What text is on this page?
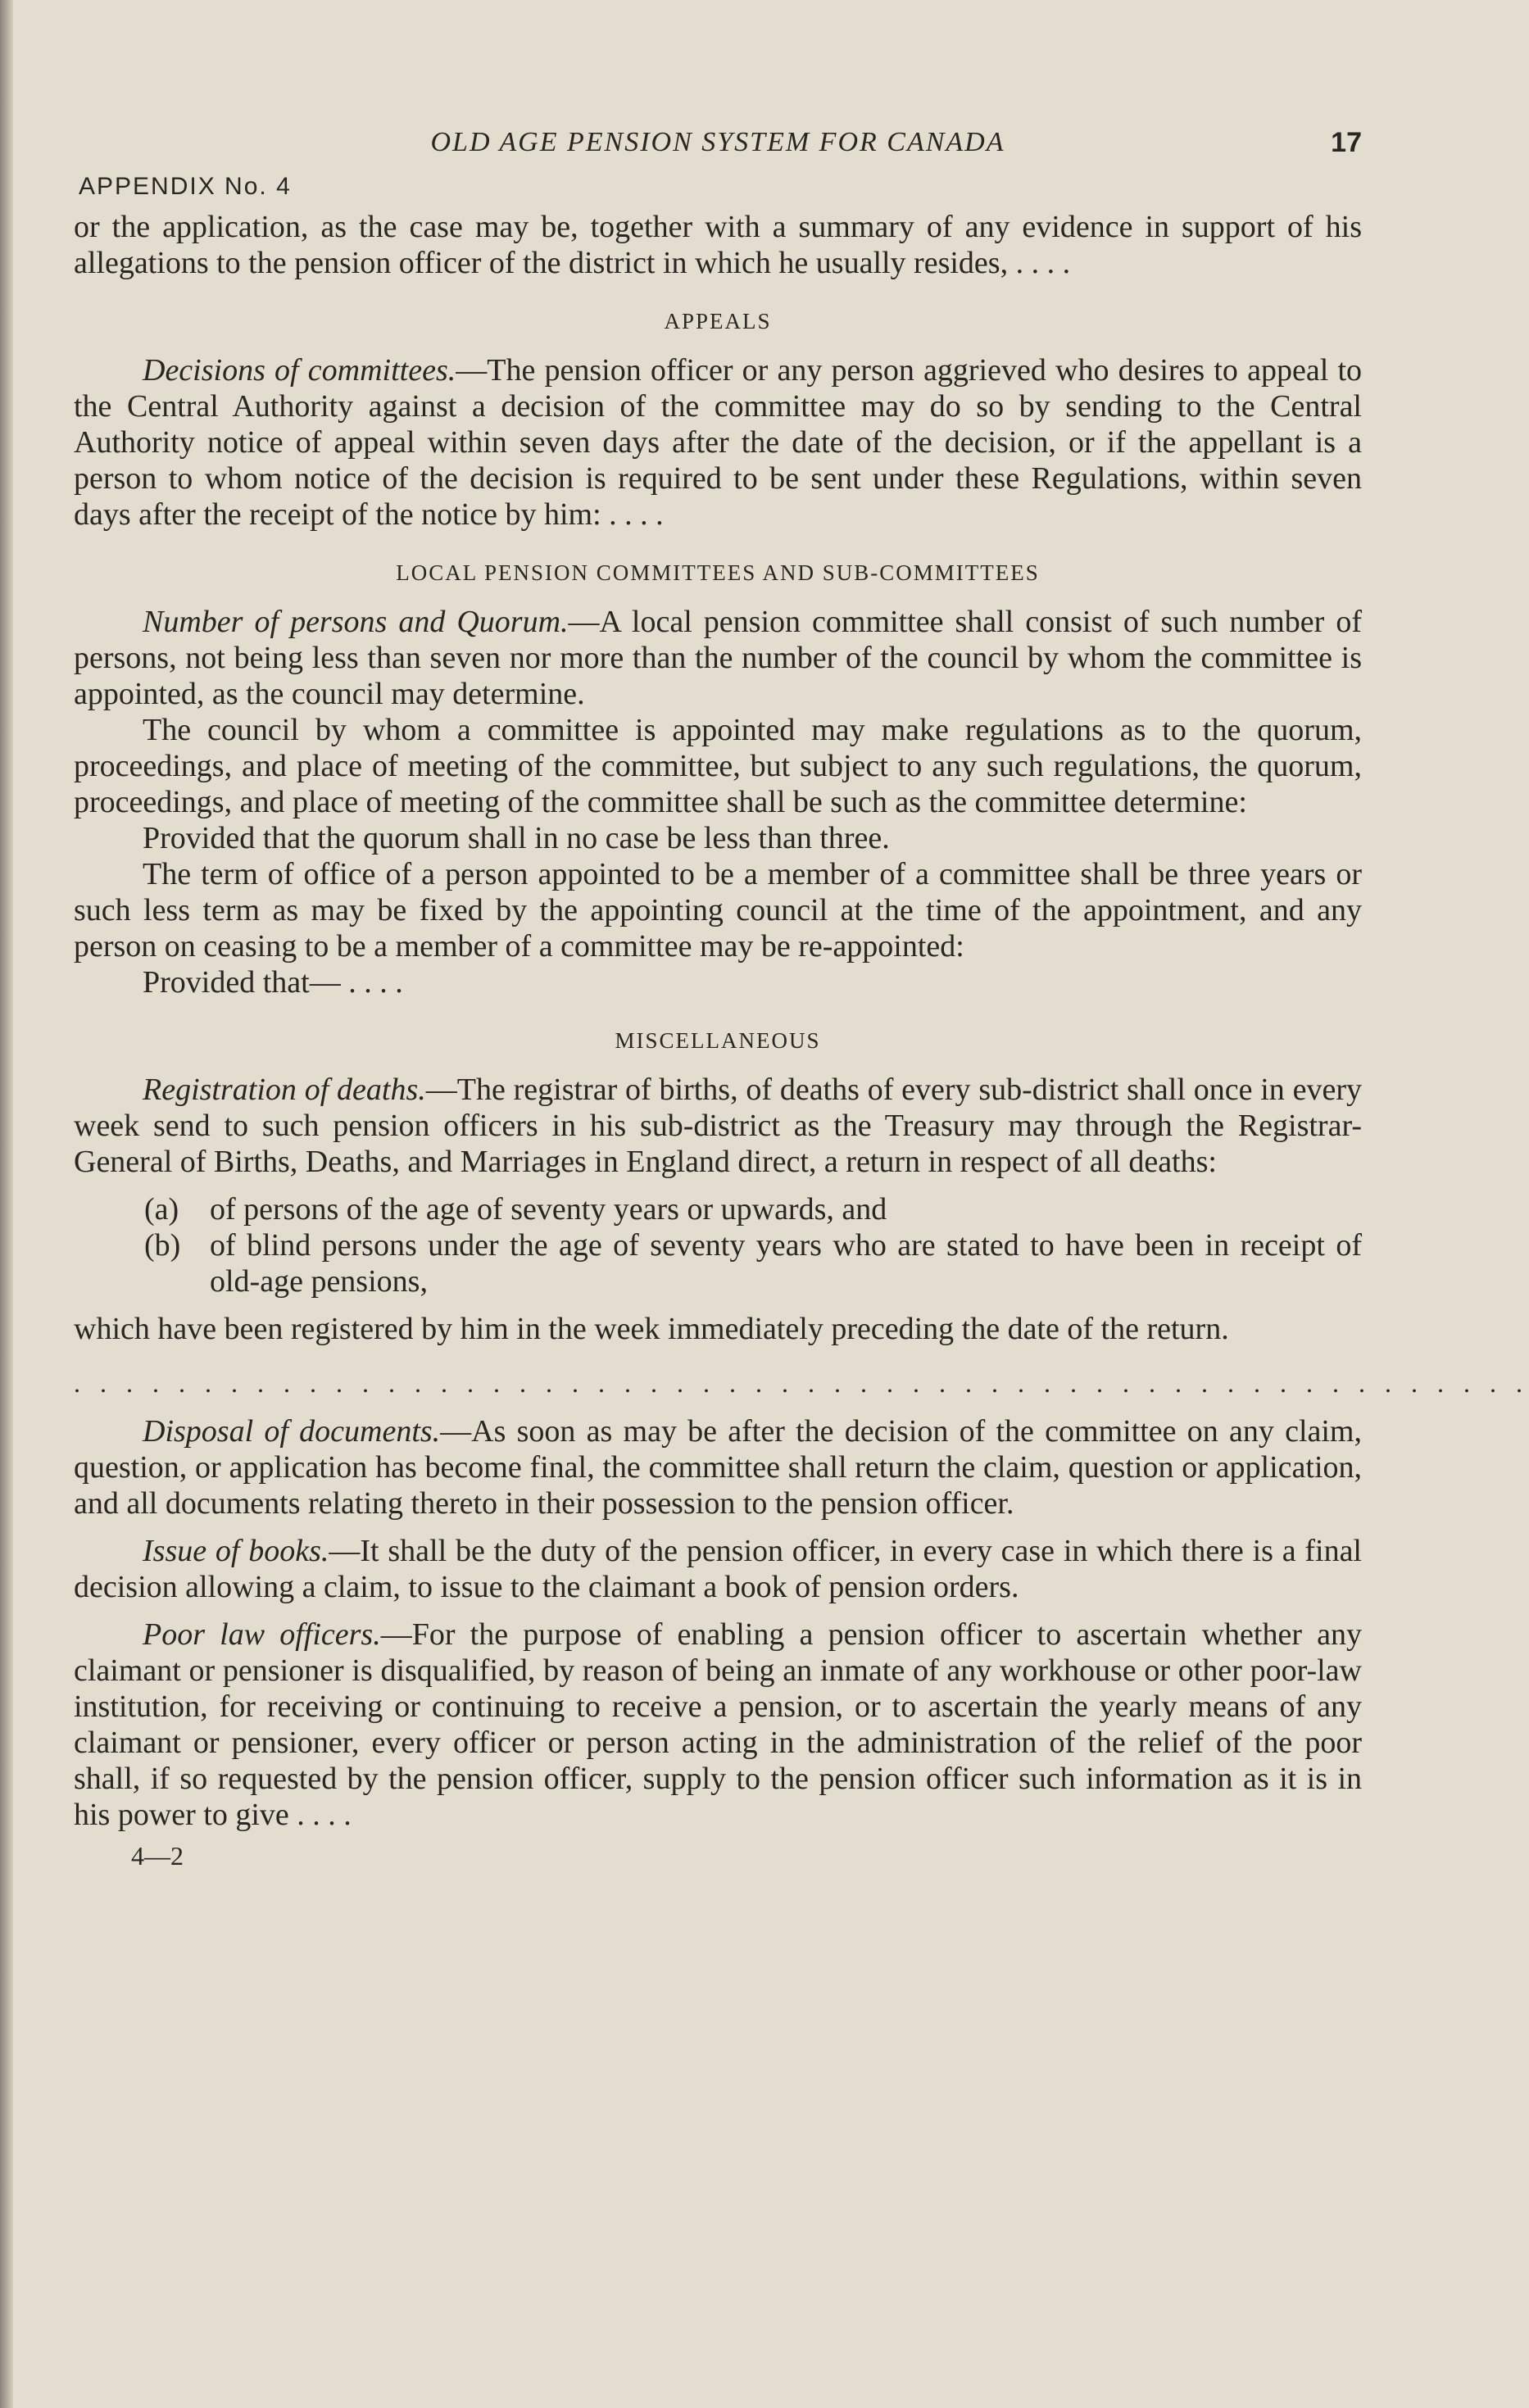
OLD AGE PENSION SYSTEM FOR CANADA	17
APPENDIX No. 4

or the application, as the case may be, together with a summary of any evidence in support of his allegations to the pension officer of the district in which he usually resides, . . . .

APPEALS

Decisions of committees.—The pension officer or any person aggrieved who desires to appeal to the Central Authority against a decision of the committee may do so by sending to the Central Authority notice of appeal within seven days after the date of the decision, or if the appellant is a person to whom notice of the decision is required to be sent under these Regulations, within seven days after the receipt of the notice by him: . . . .

LOCAL PENSION COMMITTEES AND SUB-COMMITTEES

Number of persons and Quorum.—A local pension committee shall consist of such number of persons, not being less than seven nor more than the number of the council by whom the committee is appointed, as the council may determine.

The council by whom a committee is appointed may make regulations as to the quorum, proceedings, and place of meeting of the committee, but subject to any such regulations, the quorum, proceedings, and place of meeting of the committee shall be such as the committee determine:

Provided that the quorum shall in no case be less than three.

The term of office of a person appointed to be a member of a committee shall be three years or such less term as may be fixed by the appointing council at the time of the appointment, and any person on ceasing to be a member of a committee may be re-appointed:

Provided that— . . . .

MISCELLANEOUS

Registration of deaths.—The registrar of births, of deaths of every sub-district shall once in every week send to such pension officers in his sub-district as the Treasury may through the Registrar-General of Births, Deaths, and Marriages in England direct, a return in respect of all deaths:

(a) of persons of the age of seventy years or upwards, and
(b) of blind persons under the age of seventy years who are stated to have been in receipt of old-age pensions,

which have been registered by him in the week immediately preceding the date of the return.

. . . . . . . . . . . . . . . . . . . . . . . . . . . . . . . . . . . . . . . . . . . . . . . . . . . . . . . .

Disposal of documents.—As soon as may be after the decision of the committee on any claim, question, or application has become final, the committee shall return the claim, question or application, and all documents relating thereto in their possession to the pension officer.

Issue of books.—It shall be the duty of the pension officer, in every case in which there is a final decision allowing a claim, to issue to the claimant a book of pension orders.

Poor law officers.—For the purpose of enabling a pension officer to ascertain whether any claimant or pensioner is disqualified, by reason of being an inmate of any workhouse or other poor-law institution, for receiving or continuing to receive a pension, or to ascertain the yearly means of any claimant or pensioner, every officer or person acting in the administration of the relief of the poor shall, if so requested by the pension officer, supply to the pension officer such information as it is in his power to give . . . .

4—2
